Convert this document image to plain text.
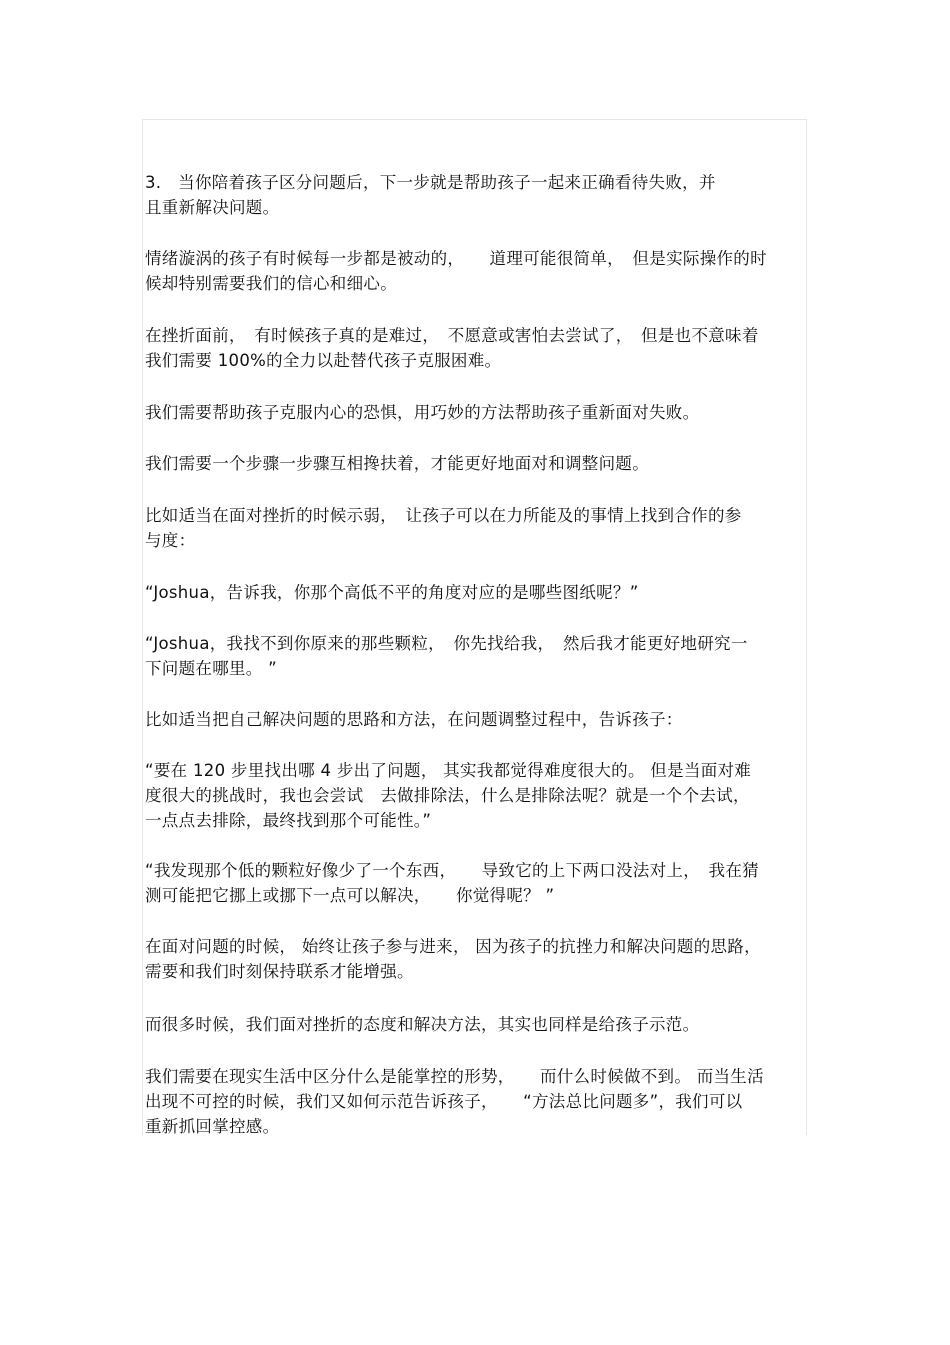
3.　当你陪着孩子区分问题后，下一步就是帮助孩子一起来正确看待失败，并
且重新解决问题。

情绪漩涡的孩子有时候每一步都是被动的，　　道理可能很简单，　但是实际操作的时
候却特别需要我们的信心和细心。

在挫折面前，　有时候孩子真的是难过，　不愿意或害怕去尝试了，　但是也不意味着
我们需要 100%的全力以赴替代孩子克服困难。

我们需要帮助孩子克服内心的恐惧，用巧妙的方法帮助孩子重新面对失败。

我们需要一个步骤一步骤互相搀扶着，才能更好地面对和调整问题。

比如适当在面对挫折的时候示弱，　让孩子可以在力所能及的事情上找到合作的参
与度：

“Joshua，告诉我，你那个高低不平的角度对应的是哪些图纸呢？”

“Joshua，我找不到你原来的那些颗粒，　你先找给我，　然后我才能更好地研究一
下问题在哪里。 ”

比如适当把自己解决问题的思路和方法，在问题调整过程中，告诉孩子：

“要在 120 步里找出哪 4 步出了问题， 其实我都觉得难度很大的。 但是当面对难
度很大的挑战时，我也会尝试　去做排除法，什么是排除法呢？就是一个个去试，
一点点去排除，最终找到那个可能性。”

“我发现那个低的颗粒好像少了一个东西，　　导致它的上下两口没法对上，　我在猜
测可能把它挪上或挪下一点可以解决，　　你觉得呢？ ”

在面对问题的时候， 始终让孩子参与进来， 因为孩子的抗挫力和解决问题的思路，
需要和我们时刻保持联系才能增强。

而很多时候，我们面对挫折的态度和解决方法，其实也同样是给孩子示范。

我们需要在现实生活中区分什么是能掌控的形势，　　而什么时候做不到。 而当生活
出现不可控的时候，我们又如何示范告诉孩子，　　“方法总比问题多”，我们可以
重新抓回掌控感。
